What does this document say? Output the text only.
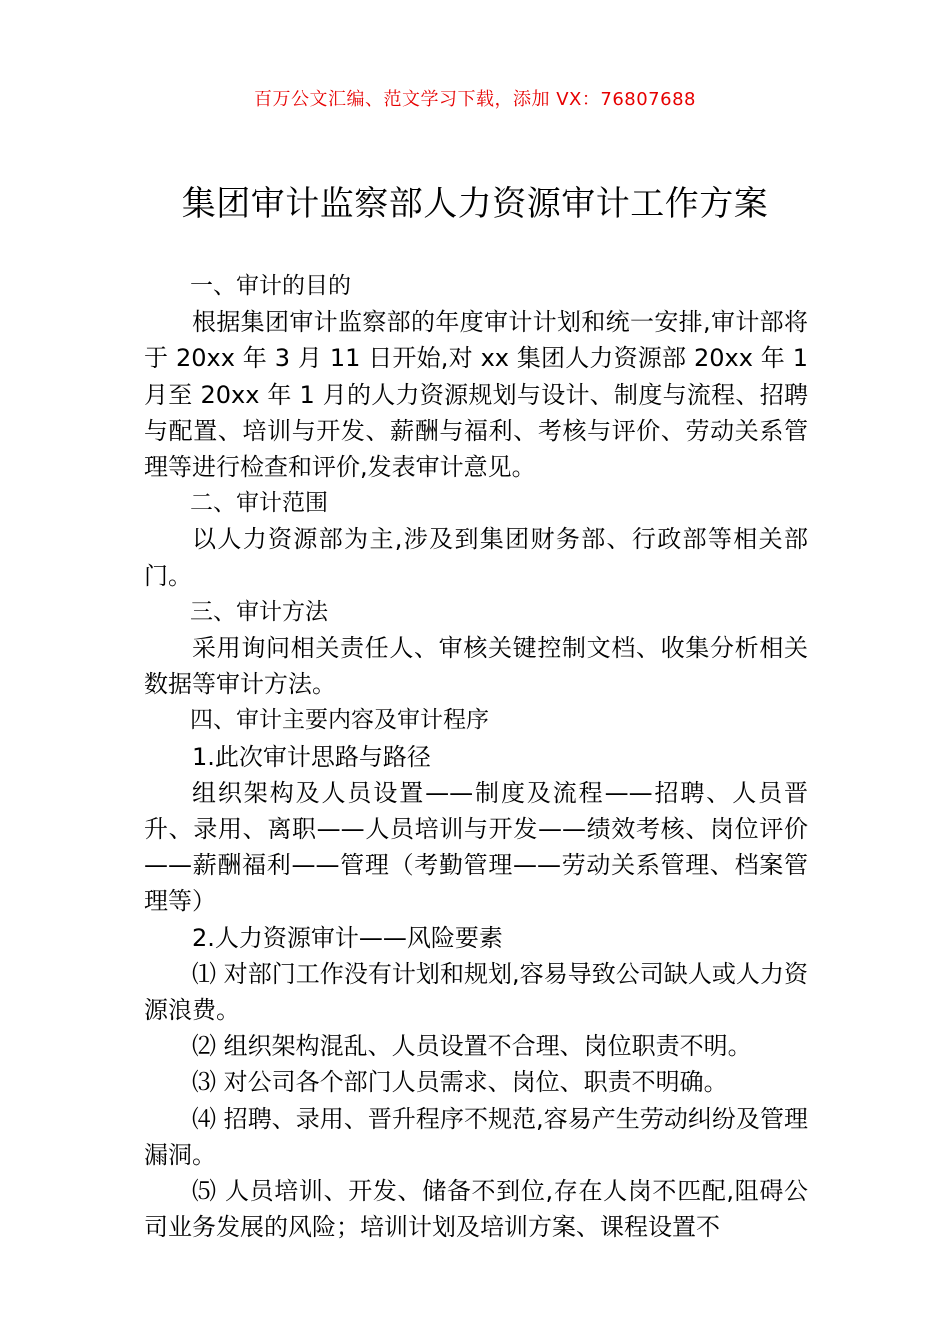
百万公文汇编、范文学习下载，添加 VX：76807688
集团审计监察部人力资源审计工作方案

一、审计的目的

根据集团审计监察部的年度审计计划和统一安排,审计部将于 20xx 年 3 月 11 日开始,对 xx 集团人力资源部 20xx 年 1 月至 20xx 年 1 月的人力资源规划与设计、制度与流程、招聘与配置、培训与开发、薪酬与福利、考核与评价、劳动关系管理等进行检查和评价,发表审计意见。

二、审计范围

以人力资源部为主,涉及到集团财务部、行政部等相关部门。

三、审计方法

采用询问相关责任人、审核关键控制文档、收集分析相关数据等审计方法。

四、审计主要内容及审计程序

1.此次审计思路与路径

组织架构及人员设置——制度及流程——招聘、人员晋升、录用、离职——人员培训与开发——绩效考核、岗位评价——薪酬福利——管理（考勤管理——劳动关系管理、档案管理等）

2.人力资源审计——风险要素

⑴ 对部门工作没有计划和规划,容易导致公司缺人或人力资源浪费。

⑵ 组织架构混乱、人员设置不合理、岗位职责不明。

⑶ 对公司各个部门人员需求、岗位、职责不明确。

⑷ 招聘、录用、晋升程序不规范,容易产生劳动纠纷及管理漏洞。

⑸ 人员培训、开发、储备不到位,存在人岗不匹配,阻碍公司业务发展的风险；培训计划及培训方案、课程设置不
